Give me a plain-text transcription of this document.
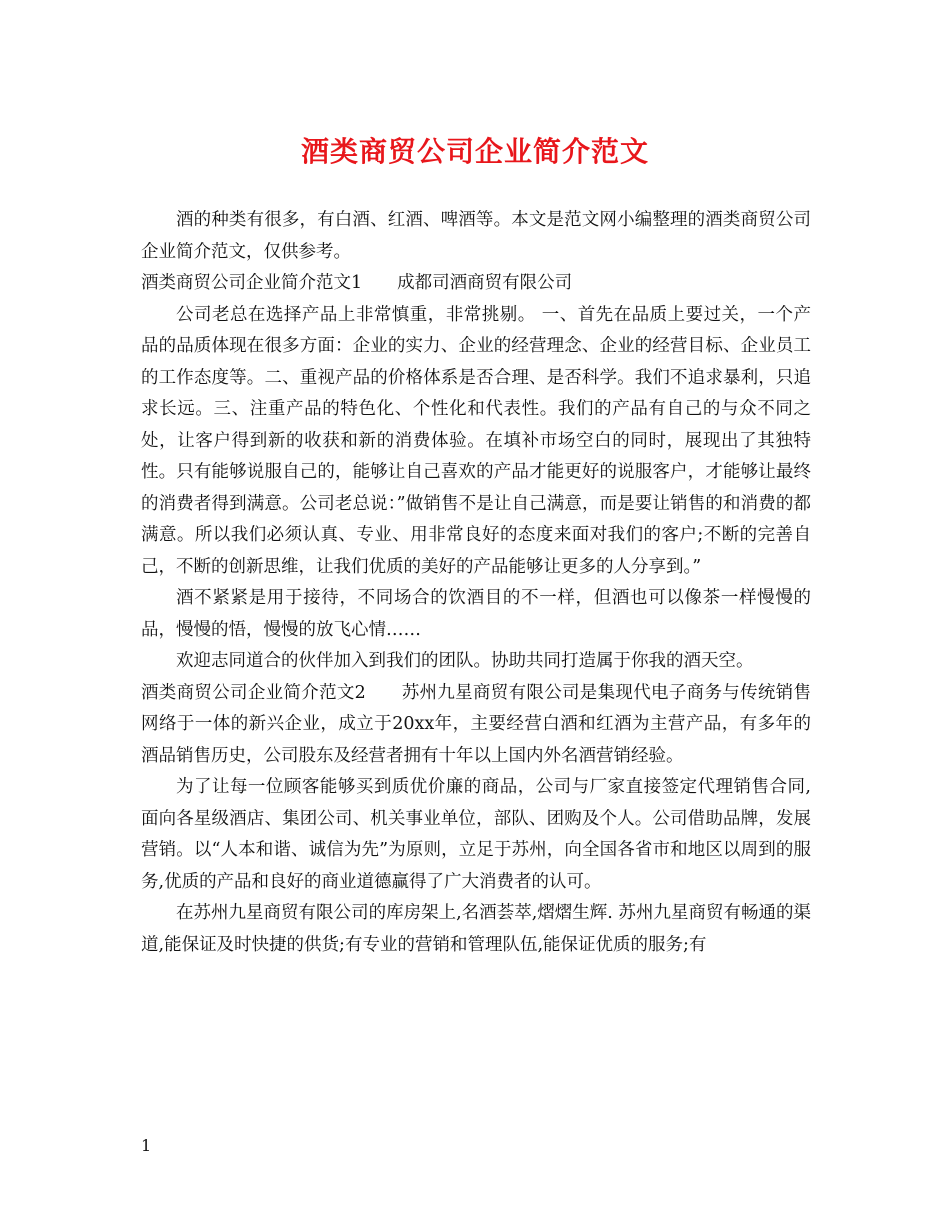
酒类商贸公司企业简介范文

酒的种类有很多，有白酒、红酒、啤酒等。本文是范文网小编整理的酒类商贸公司企业简介范文，仅供参考。

酒类商贸公司企业简介范文1　　成都司酒商贸有限公司

公司老总在选择产品上非常慎重，非常挑剔。 一、首先在品质上要过关，一个产品的品质体现在很多方面：企业的实力、企业的经营理念、企业的经营目标、企业员工的工作态度等。二、重视产品的价格体系是否合理、是否科学。我们不追求暴利，只追求长远。三、注重产品的特色化、个性化和代表性。我们的产品有自己的与众不同之处，让客户得到新的收获和新的消费体验。在填补市场空白的同时，展现出了其独特性。只有能够说服自己的，能够让自己喜欢的产品才能更好的说服客户，才能够让最终的消费者得到满意。公司老总说：”做销售不是让自己满意，而是要让销售的和消费的都满意。所以我们必须认真、专业、用非常良好的态度来面对我们的客户;不断的完善自己，不断的创新思维，让我们优质的美好的产品能够让更多的人分享到。”

酒不紧紧是用于接待，不同场合的饮酒目的不一样，但酒也可以像茶一样慢慢的品，慢慢的悟，慢慢的放飞心情……

欢迎志同道合的伙伴加入到我们的团队。协助共同打造属于你我的酒天空。

酒类商贸公司企业简介范文2　　苏州九星商贸有限公司是集现代电子商务与传统销售网络于一体的新兴企业，成立于20xx年，主要经营白酒和红酒为主营产品，有多年的酒品销售历史，公司股东及经营者拥有十年以上国内外名酒营销经验。

为了让每一位顾客能够买到质优价廉的商品，公司与厂家直接签定代理销售合同,面向各星级酒店、集团公司、机关事业单位，部队、团购及个人。公司借助品牌，发展营销。以“人本和谐、诚信为先”为原则，立足于苏州，向全国各省市和地区以周到的服务,优质的产品和良好的商业道德赢得了广大消费者的认可。

在苏州九星商贸有限公司的库房架上,名酒荟萃,熠熠生辉. 苏州九星商贸有畅通的渠道,能保证及时快捷的供货;有专业的营销和管理队伍,能保证优质的服务;有

1
